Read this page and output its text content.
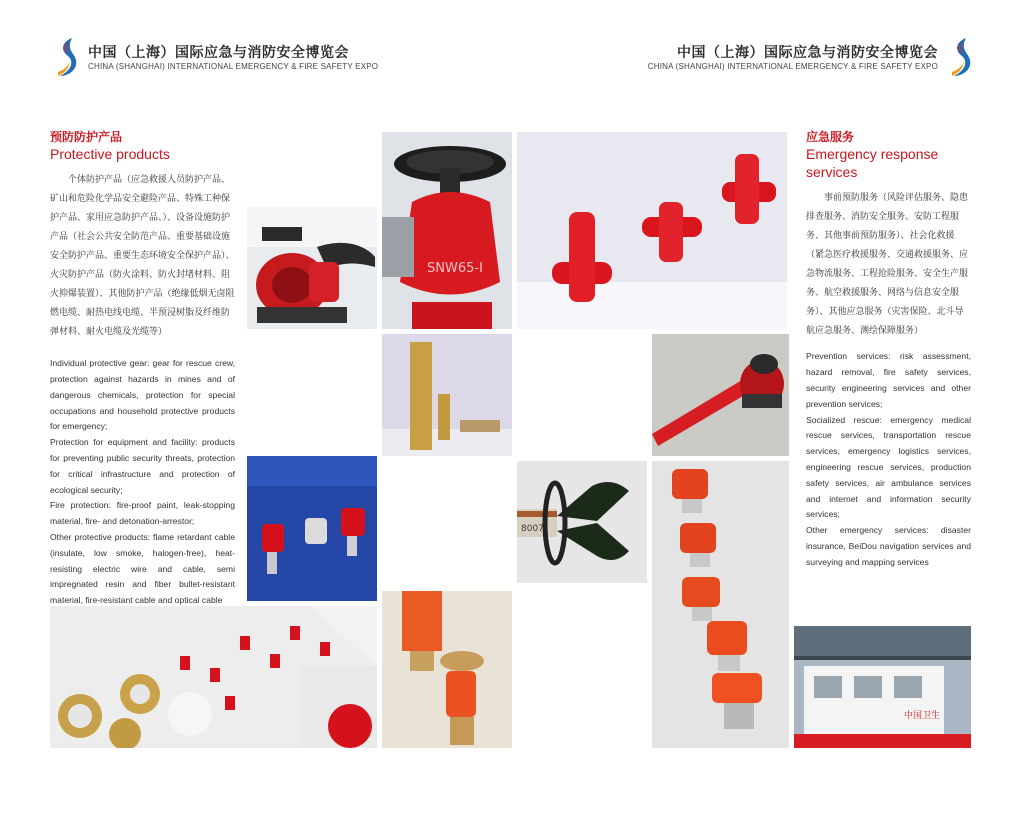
中国（上海）国际应急与消防安全博览会
CHINA (SHANGHAI) INTERNATIONAL EMERGENCY & FIRE SAFETY EXPO
中国（上海）国际应急与消防安全博览会
CHINA (SHANGHAI) INTERNATIONAL EMERGENCY & FIRE SAFETY EXPO
预防防护产品
Protective products

个体防护产品（应急救援人员防护产品、矿山和危险化学品安全避险产品、特殊工种保护产品、家用应急防护产品、）、设备设施防护产品（社会公共安全防范产品、重要基础设施安全防护产品、重要生态环境安全保护产品）、火灾防护产品（防火涂料、防火封堵材料、阻火抑爆装置）、其他防护产品（绝缘低烟无卤阻燃电缆、耐热电线电缆、半预浸树脂及纤维防弹材料、耐火电缆及光缆等）

Individual protective gear: gear for rescue crew, protection against hazards in mines and of dangerous chemicals, protection for special occupations and household protective products for emergency;

Protection for equipment and facility: products for preventing public security threats, protection for critical infrastructure and protection of ecological security;

Fire protection: fire-proof paint, leak-stopping material, fire- and detonation-arrestor;

Other protective products: flame retardant cable (insulate, low smoke, halogen-free), heat-resisting electric wire and cable, semi impregnated resin and fiber bullet-resistant material, fire-resistant cable and optical cable

应急服务
Emergency response services

事前预防服务（风险评估服务、隐患排查服务、消防安全服务、安防工程服务、其他事前预防服务）、社会化救援（紧急医疗救援服务、交通救援服务、应急物流服务、工程抢险服务、安全生产服务、航空救援服务、网络与信息安全服务）、其他应急服务（灾害保险、北斗导航应急服务、测绘保障服务）

Prevention services: risk assessment, hazard removal, fire safety services, security engineering services and other prevention services;

Socialized rescue: emergency medical rescue services, transportation rescue services, emergency logistics services, engineering rescue services, production safety services, air ambulance services and internet and information security services;

Other emergency services: disaster insurance, BeiDou navigation services and surveying and mapping services

SNW65-I
8007
中国卫生
